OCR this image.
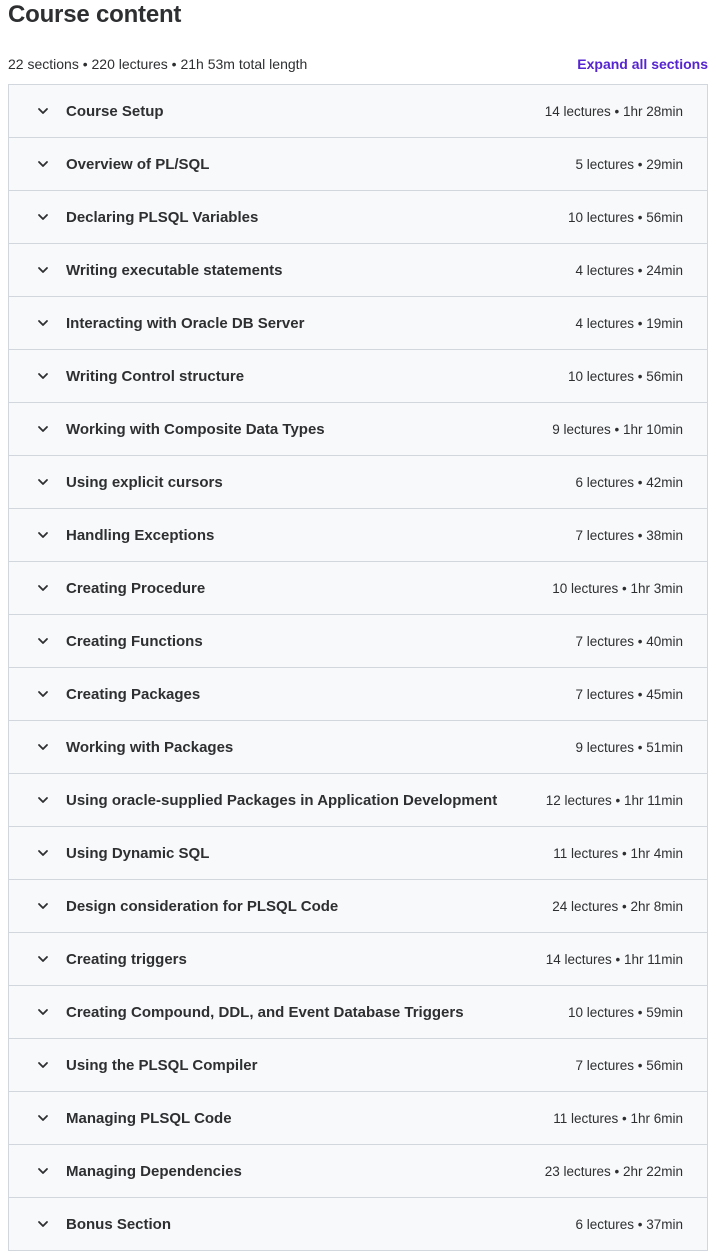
Course content
22 sections • 220 lectures • 21h 53m total length	Expand all sections
Course Setup	14 lectures • 1hr 28min
Overview of PL/SQL	5 lectures • 29min
Declaring PLSQL Variables	10 lectures • 56min
Writing executable statements	4 lectures • 24min
Interacting with Oracle DB Server	4 lectures • 19min
Writing Control structure	10 lectures • 56min
Working with Composite Data Types	9 lectures • 1hr 10min
Using explicit cursors	6 lectures • 42min
Handling Exceptions	7 lectures • 38min
Creating Procedure	10 lectures • 1hr 3min
Creating Functions	7 lectures • 40min
Creating Packages	7 lectures • 45min
Working with Packages	9 lectures • 51min
Using oracle-supplied Packages in Application Development	12 lectures • 1hr 11min
Using Dynamic SQL	11 lectures • 1hr 4min
Design consideration for PLSQL Code	24 lectures • 2hr 8min
Creating triggers	14 lectures • 1hr 11min
Creating Compound, DDL, and Event Database Triggers	10 lectures • 59min
Using the PLSQL Compiler	7 lectures • 56min
Managing PLSQL Code	11 lectures • 1hr 6min
Managing Dependencies	23 lectures • 2hr 22min
Bonus Section	6 lectures • 37min
